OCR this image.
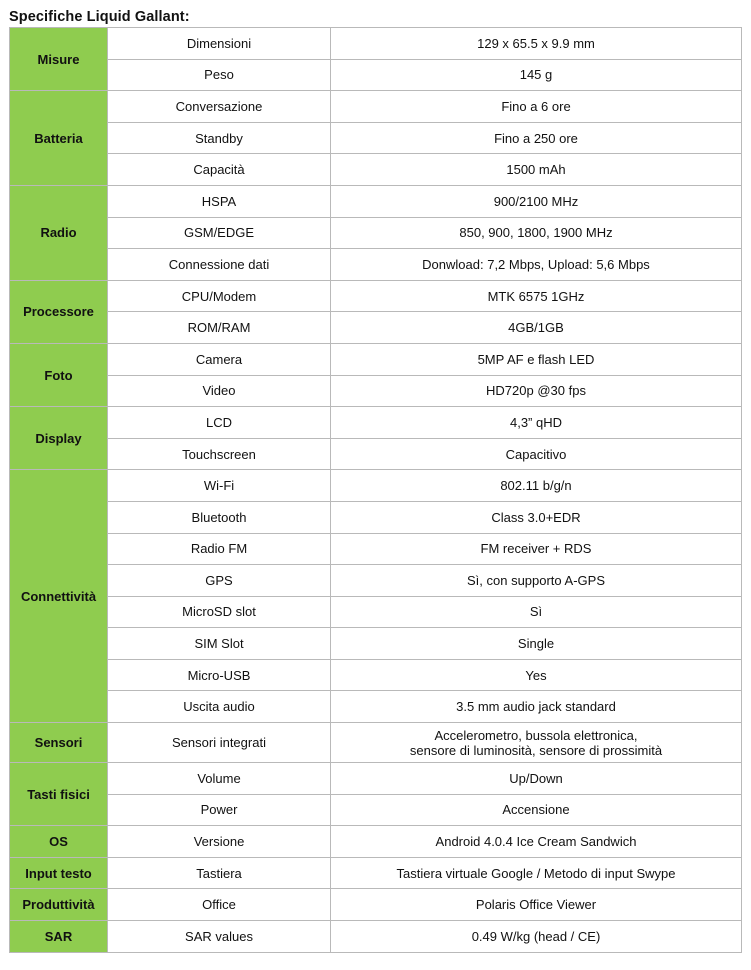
Specifiche Liquid Gallant:
Misure	Dimensioni	129 x 65.5 x 9.9 mm
	Peso	145 g
Batteria	Conversazione	Fino a 6 ore
	Standby	Fino a 250 ore
	Capacità	1500 mAh
Radio	HSPA	900/2100 MHz
	GSM/EDGE	850, 900, 1800, 1900 MHz
	Connessione dati	Donwload: 7,2 Mbps, Upload: 5,6 Mbps
Processore	CPU/Modem	MTK 6575 1GHz
	ROM/RAM	4GB/1GB
Foto	Camera	5MP AF e flash LED
	Video	HD720p @30 fps
Display	LCD	4,3” qHD
	Touchscreen	Capacitivo
Connettività	Wi-Fi	802.11 b/g/n
	Bluetooth	Class 3.0+EDR
	Radio FM	FM receiver + RDS
	GPS	Sì, con supporto A-GPS
	MicroSD slot	Sì
	SIM Slot	Single
	Micro-USB	Yes
	Uscita audio	3.5 mm audio jack standard
Sensori	Sensori integrati	Accelerometro, bussola elettronica,
sensore di luminosità, sensore di prossimità
Tasti fisici	Volume	Up/Down
	Power	Accensione
OS	Versione	Android 4.0.4 Ice Cream Sandwich
Input testo	Tastiera	Tastiera virtuale Google / Metodo di input Swype
Produttività	Office	Polaris Office Viewer
SAR	SAR values	0.49 W/kg (head / CE)
